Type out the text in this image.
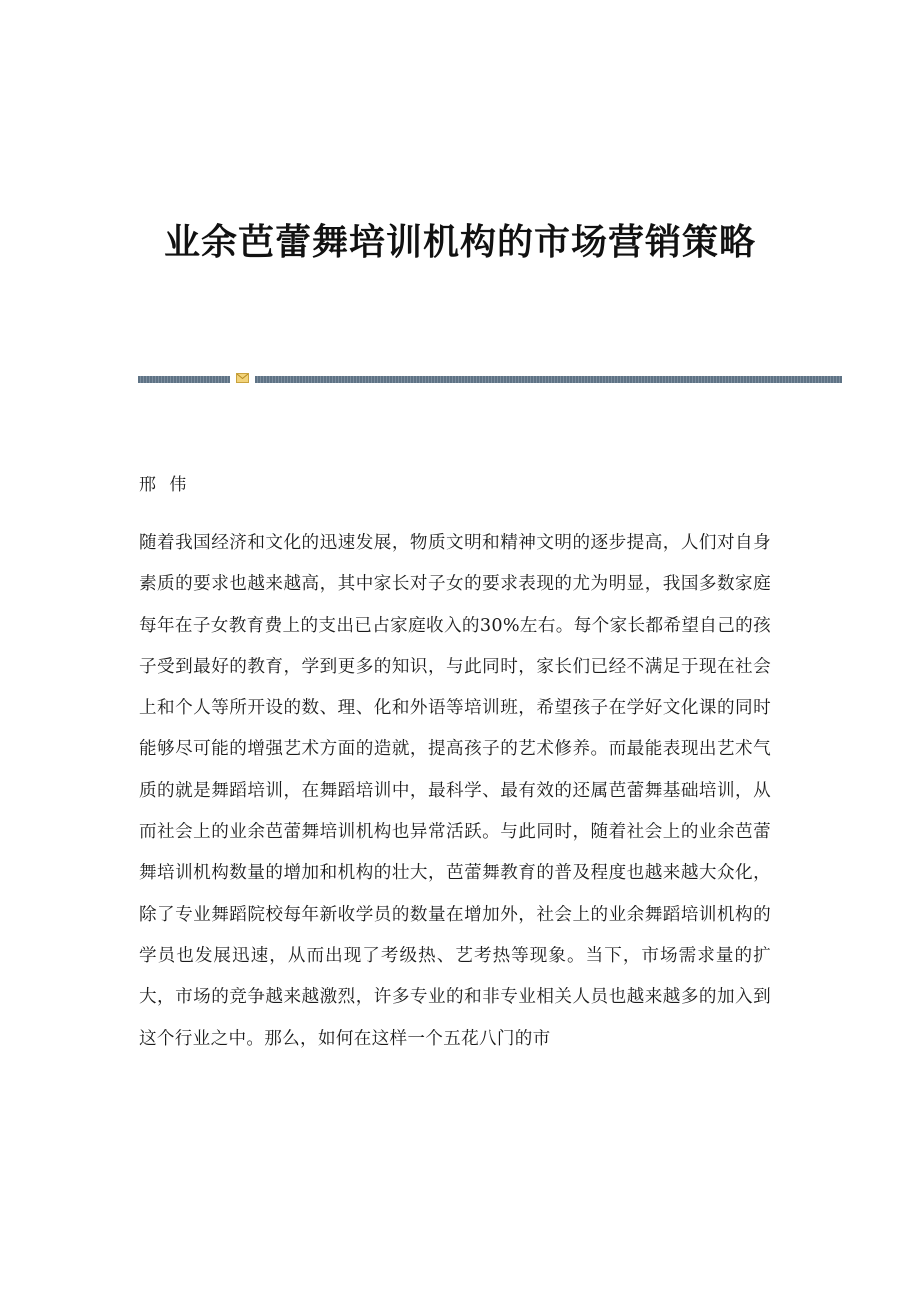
业余芭蕾舞培训机构的市场营销策略

邢 伟

随着我国经济和文化的迅速发展，物质文明和精神文明的逐步提高，人们对自身素质的要求也越来越高，其中家长对子女的要求表现的尤为明显，我国多数家庭每年在子女教育费上的支出已占家庭收入的30%左右。每个家长都希望自己的孩子受到最好的教育，学到更多的知识，与此同时，家长们已经不满足于现在社会上和个人等所开设的数、理、化和外语等培训班，希望孩子在学好文化课的同时能够尽可能的增强艺术方面的造就，提高孩子的艺术修养。而最能表现出艺术气质的就是舞蹈培训，在舞蹈培训中，最科学、最有效的还属芭蕾舞基础培训，从而社会上的业余芭蕾舞培训机构也异常活跃。与此同时，随着社会上的业余芭蕾舞培训机构数量的增加和机构的壮大，芭蕾舞教育的普及程度也越来越大众化，除了专业舞蹈院校每年新收学员的数量在增加外，社会上的业余舞蹈培训机构的学员也发展迅速，从而出现了考级热、艺考热等现象。当下，市场需求量的扩大，市场的竞争越来越激烈，许多专业的和非专业相关人员也越来越多的加入到这个行业之中。那么，如何在这样一个五花八门的市
